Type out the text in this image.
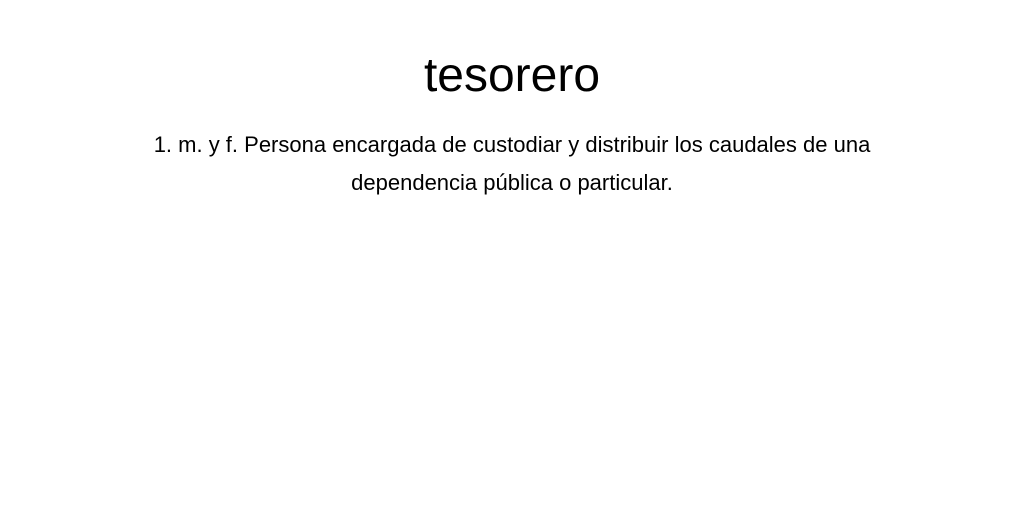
tesorero

1. m. y f. Persona encargada de custodiar y distribuir los caudales de una dependencia pública o particular.
